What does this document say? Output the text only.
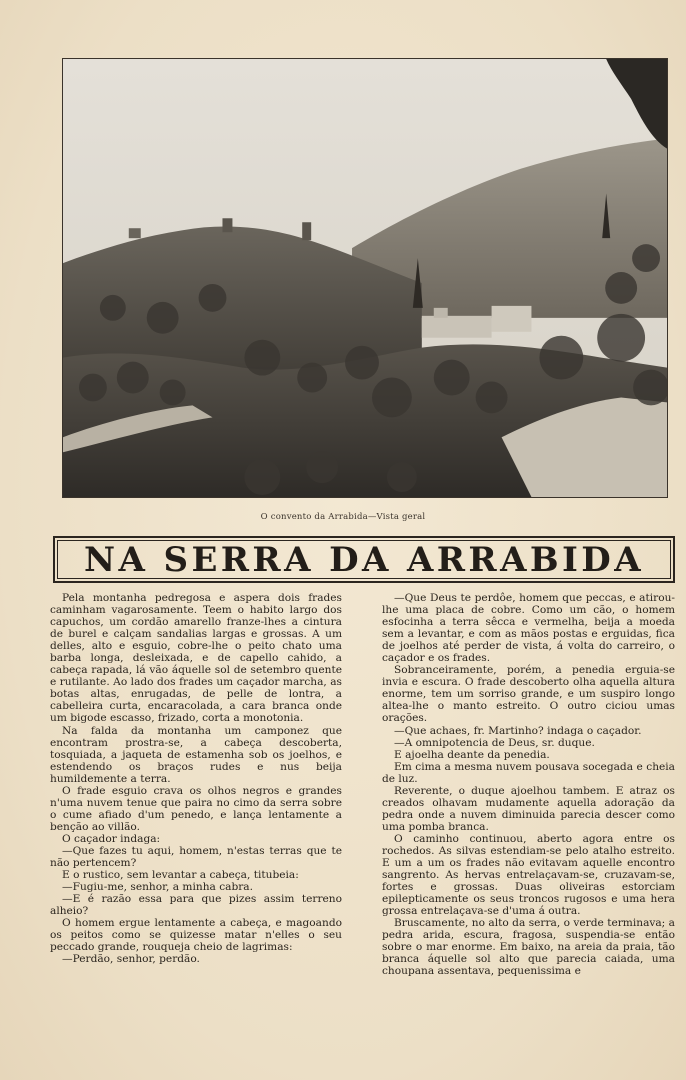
O convento da Arrabida—Vista geral
NA SERRA DA ARRABIDA

Pela montanha pedregosa e aspera dois frades caminham vagarosamente. Teem o habito largo dos capuchos, um cordão amarello franze-lhes a cintura de burel e calçam sandalias largas e grossas. A um delles, alto e esguio, cobre-lhe o peito chato uma barba longa, desleixada, e de capello cahido, a cabeça rapada, lá vão áquelle sol de setembro quente e rutilante. Ao lado dos frades um caçador marcha, as botas altas, enrugadas, de pelle de lontra, a cabelleira curta, encaracolada, a cara branca onde um bigode escasso, frizado, corta a monotonia.

Na falda da montanha um camponez que encontram prostra-se, a cabeça descoberta, tosquiada, a jaqueta de estamenha sob os joelhos, e estendendo os braços rudes e nus beija humildemente a terra.

O frade esguio crava os olhos negros e grandes n'uma nuvem tenue que paira no cimo da serra sobre o cume afiado d'um penedo, e lança lentamente a benção ao villão.

O caçador indaga:

—Que fazes tu aqui, homem, n'estas terras que te não pertencem?

E o rustico, sem levantar a cabeça, titubeia:

—Fugiu-me, senhor, a minha cabra.

—E é razão essa para que pizes assim terreno alheio?

O homem ergue lentamente a cabeça, e magoando os peitos como se quizesse matar n'elles o seu peccado grande, rouqueja cheio de lagrimas:

—Perdão, senhor, perdão.

—Que Deus te perdôe, homem que peccas, e atirou-lhe uma placa de cobre. Como um cão, o homem esfocinha a terra sêcca e vermelha, beija a moeda sem a levantar, e com as mãos postas e erguidas, fica de joelhos até perder de vista, á volta do carreiro, o caçador e os frades.

Sobranceiramente, porém, a penedia erguia-se invia e escura. O frade descoberto olha aquella altura enorme, tem um sorriso grande, e um suspiro longo altea-lhe o manto estreito. O outro ciciou umas orações.

—Que achaes, fr. Martinho? indaga o caçador.

—A omnipotencia de Deus, sr. duque.

E ajoelha deante da penedia.

Em cima a mesma nuvem pousava socegada e cheia de luz.

Reverente, o duque ajoelhou tambem. E atraz os creados olhavam mudamente aquella adoração da pedra onde a nuvem diminuida parecia descer como uma pomba branca.

O caminho continuou, aberto agora entre os rochedos. As silvas estendiam-se pelo atalho estreito. E um a um os frades não evitavam aquelle encontro sangrento. As hervas entrelaçavam-se, cruzavam-se, fortes e grossas. Duas oliveiras estorciam epilepticamente os seus troncos rugosos e uma hera grossa entrelaçava-se d'uma á outra.

Bruscamente, no alto da serra, o verde terminava; a pedra arida, escura, fragosa, suspendia-se então sobre o mar enorme. Em baixo, na areia da praia, tão branca áquelle sol alto que parecia caiada, uma choupana assentava, pequenissima e
